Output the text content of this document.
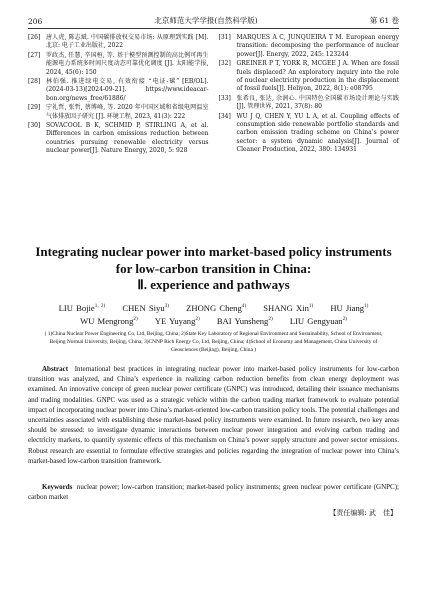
206	北京师范大学学报(自然科学版)	第 61 卷
[26] 唐人虎, 陈志斌. 中国碳排放权交易市场: 从原理到实践 [M]. 北京: 电子工业出版社, 2022
[27] 罗政杰, 任慧, 辛国桓, 等. 基于模型预测控制的高比例可再生能源电力系统多时间尺度动态可靠优化调度 [J]. 太阳能学报, 2024, 45(6): 150
[28] 林伯强. 推进绿电交易, 有效衔接 “电证-碳” [EB/OL]. (2024-03-13)[2024-09-21]. https://www.ideacar-bon.org/news_free/61886/
[29] 宁礼哲, 张哲, 蔡博峰, 等. 2020 年中国区域和省级电网温室气体排放因子研究 [J]. 环境工程, 2023, 41(3): 222
[30] SOVACOOL B K, SCHMID P, STIRLING A, et al. Differences in carbon emissions reduction between countries pursuing renewable electricity versus nuclear power[J]. Nature Energy, 2020, 5: 928
[31] MARQUES A C, JUNQUEIRA T M. European energy transition: decomposing the performance of nuclear power[J]. Energy, 2022, 245: 123244
[32] GREINER P T, YORK R, MCGEE J A. When are fossil fuels displaced? An exploratory inquiry into the role of nuclear electricity production in the displacement of fossil fuels[J]. Heliyon, 2022, 8(1): e08795
[33] 张希良, 张达, 余润心. 中国特色全国碳市场设计理论与实践 [J]. 管理世界, 2021, 37(8): 80
[34] WU J Q, CHEN Y, YU L A, et al. Coupling effects of consumption side renewable portfolio standards and carbon emission trading scheme on China’s power sector: a system dynamic analysis[J]. Journal of Cleaner Production, 2022, 380: 134931
Integrating nuclear power into market-based policy instruments
for low-carbon transition in China:
Ⅱ. experience and pathways
LIU Bojie$^{1, 2)}$ CHEN Siyu$^{3)}$ ZHONG Cheng$^{4)}$ SHANG Xin$^{1)}$ HU Jiang$^{1)}$ WU Mengrong$^{2)}$ YE Yuyang$^{2)}$ BAI Yunsheng$^{2)}$ LIU Gengyuan$^{2)}$
( 1)China Nuclear Power Engineering Co, Ltd, Beijing, China; 2)State Key Laboratory of Regional Environment and Sustainability, School of Environment, Beijing Normal University, Beijing, China; 3)CNNP Rich Energy Co, Ltd, Beijing, China; 4)School of Economy and Management, China University of Geosciences (Beijing), Beijing, China )
Abstract International best practices in integrating nuclear power into market-based policy instruments for low-carbon transition was analyzed, and China’s experience in realizing carbon reduction benefits from clean energy deployment was examined. An innovative concept of green nuclear power certificate (GNPC) was introduced, detailing their issuance mechanisms and trading modalities. GNPC was used as a strategic vehicle within the carbon trading market framework to evaluate potential impact of incorporating nuclear power into China’s market-oriented low-carbon transition policy tools. The potential challenges and uncertainties associated with establishing these market-based policy instruments were examined. In future research, two key areas should be stressed: to investigate dynamic interactions between nuclear power integration and evolving carbon trading and electricity markets, to quantify systemic effects of this mechanism on China’s power supply structure and power sector emissions. Robust research are essential to formulate effective strategies and policies regarding the integration of nuclear power into China’s market-based low-carbon transition framework.
Keywords nuclear power; low-carbon transition; market-based policy instruments; green nuclear power certificate (GNPC); carbon market
【责任编辑: 武　佳】
